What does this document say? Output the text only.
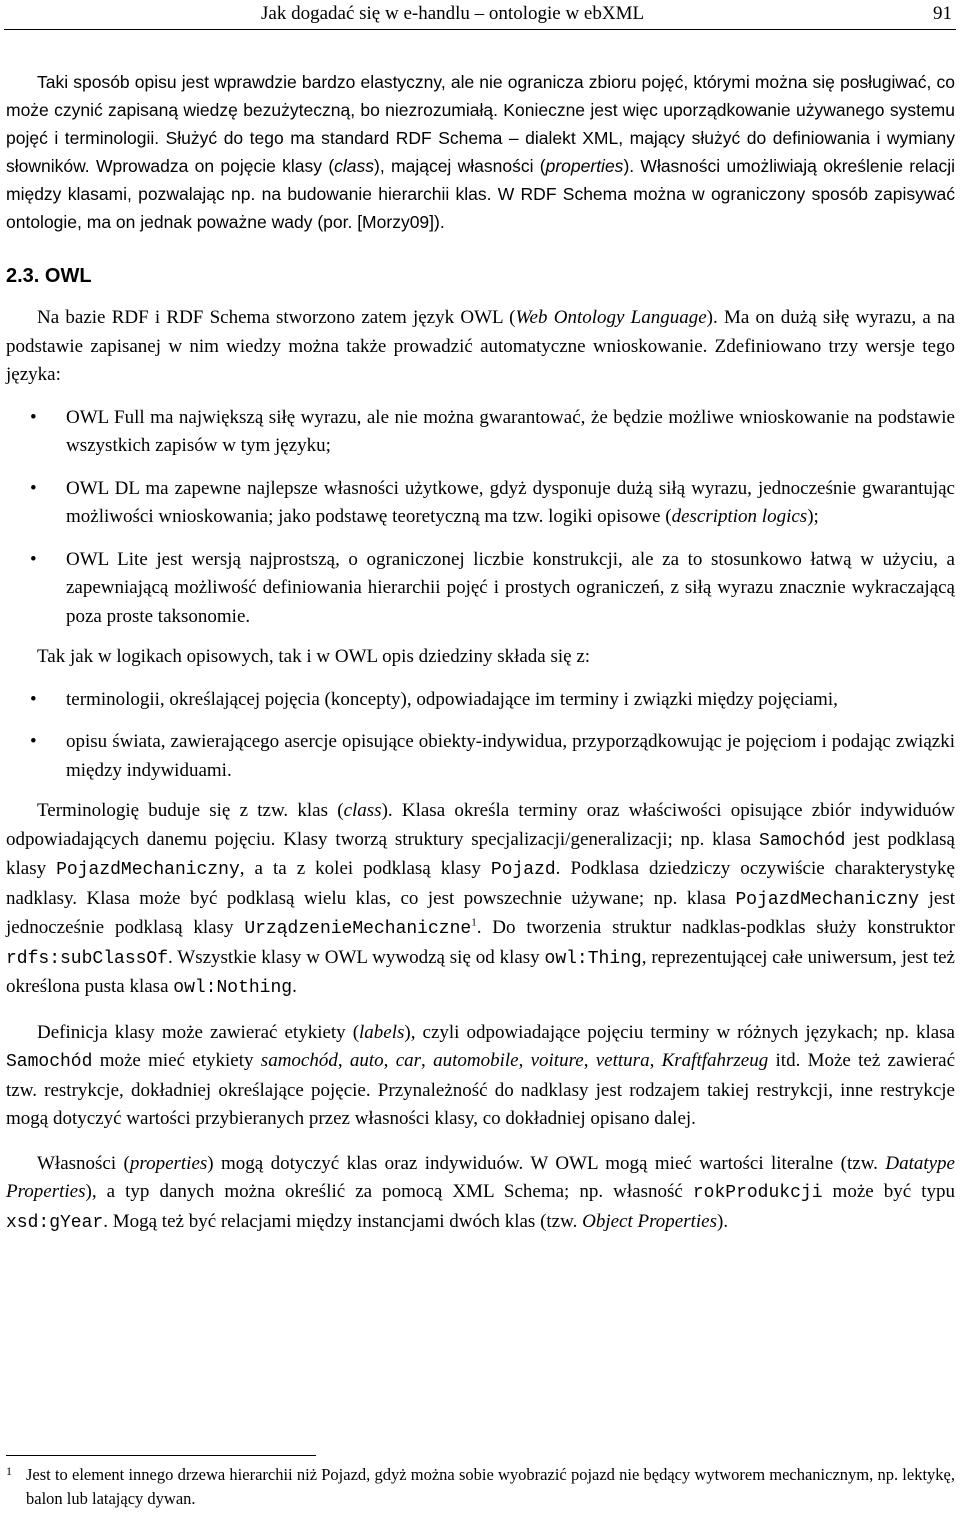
Jak dogadać się w e-handlu – ontologie w ebXML	91

Taki sposób opisu jest wprawdzie bardzo elastyczny, ale nie ogranicza zbioru pojęć, którymi można się posługiwać, co może czynić zapisaną wiedzę bezużyteczną, bo niezrozumiałą. Konieczne jest więc uporządkowanie używanego systemu pojęć i terminologii. Służyć do tego ma standard RDF Schema – dialekt XML, mający służyć do definiowania i wymiany słowników. Wprowadza on pojęcie klasy (class), mającej własności (properties). Własności umożliwiają określenie relacji między klasami, pozwalając np. na budowanie hierarchii klas. W RDF Schema można w ograniczony sposób zapisywać ontologie, ma on jednak poważne wady (por. [Morzy09]).

2.3. OWL

Na bazie RDF i RDF Schema stworzono zatem język OWL (Web Ontology Language). Ma on dużą siłę wyrazu, a na podstawie zapisanej w nim wiedzy można także prowadzić automatyczne wnioskowanie. Zdefiniowano trzy wersje tego języka:

• OWL Full ma największą siłę wyrazu, ale nie można gwarantować, że będzie możliwe wnioskowanie na podstawie wszystkich zapisów w tym języku;
• OWL DL ma zapewne najlepsze własności użytkowe, gdyż dysponuje dużą siłą wyrazu, jednocześnie gwarantując możliwości wnioskowania; jako podstawę teoretyczną ma tzw. logiki opisowe (description logics);
• OWL Lite jest wersją najprostszą, o ograniczonej liczbie konstrukcji, ale za to stosunkowo łatwą w użyciu, a zapewniającą możliwość definiowania hierarchii pojęć i prostych ograniczeń, z siłą wyrazu znacznie wykraczającą poza proste taksonomie.

Tak jak w logikach opisowych, tak i w OWL opis dziedziny składa się z:

• terminologii, określającej pojęcia (koncepty), odpowiadające im terminy i związki między pojęciami,
• opisu świata, zawierającego asercje opisujące obiekty-indywidua, przyporządkowując je pojęciom i podając związki między indywiduami.

Terminologię buduje się z tzw. klas (class). Klasa określa terminy oraz właściwości opisujące zbiór indywiduów odpowiadających danemu pojęciu. Klasy tworzą struktury specjalizacji/generalizacji; np. klasa Samochód jest podklasą klasy PojazdMechaniczny, a ta z kolei podklasą klasy Pojazd. Podklasa dziedziczy oczywiście charakterystykę nadklasy. Klasa może być podklasą wielu klas, co jest powszechnie używane; np. klasa PojazdMechaniczny jest jednocześnie podklasą klasy UrządzenieMechaniczne$^1$. Do tworzenia struktur nadklas-podklas służy konstruktor rdfs:subClassOf. Wszystkie klasy w OWL wywodzą się od klasy owl:Thing, reprezentującej całe uniwersum, jest też określona pusta klasa owl:Nothing.

Definicja klasy może zawierać etykiety (labels), czyli odpowiadające pojęciu terminy w różnych językach; np. klasa Samochód może mieć etykiety samochód, auto, car, automobile, voiture, vettura, Kraftfahrzeug itd. Może też zawierać tzw. restrykcje, dokładniej określające pojęcie. Przynależność do nadklasy jest rodzajem takiej restrykcji, inne restrykcje mogą dotyczyć wartości przybieranych przez własności klasy, co dokładniej opisano dalej.

Własności (properties) mogą dotyczyć klas oraz indywiduów. W OWL mogą mieć wartości literalne (tzw. Datatype Properties), a typ danych można określić za pomocą XML Schema; np. własność rokProdukcji może być typu xsd:gYear. Mogą też być relacjami między instancjami dwóch klas (tzw. Object Properties).

1 Jest to element innego drzewa hierarchii niż Pojazd, gdyż można sobie wyobrazić pojazd nie będący wytworem mechanicznym, np. lektykę, balon lub latający dywan.
